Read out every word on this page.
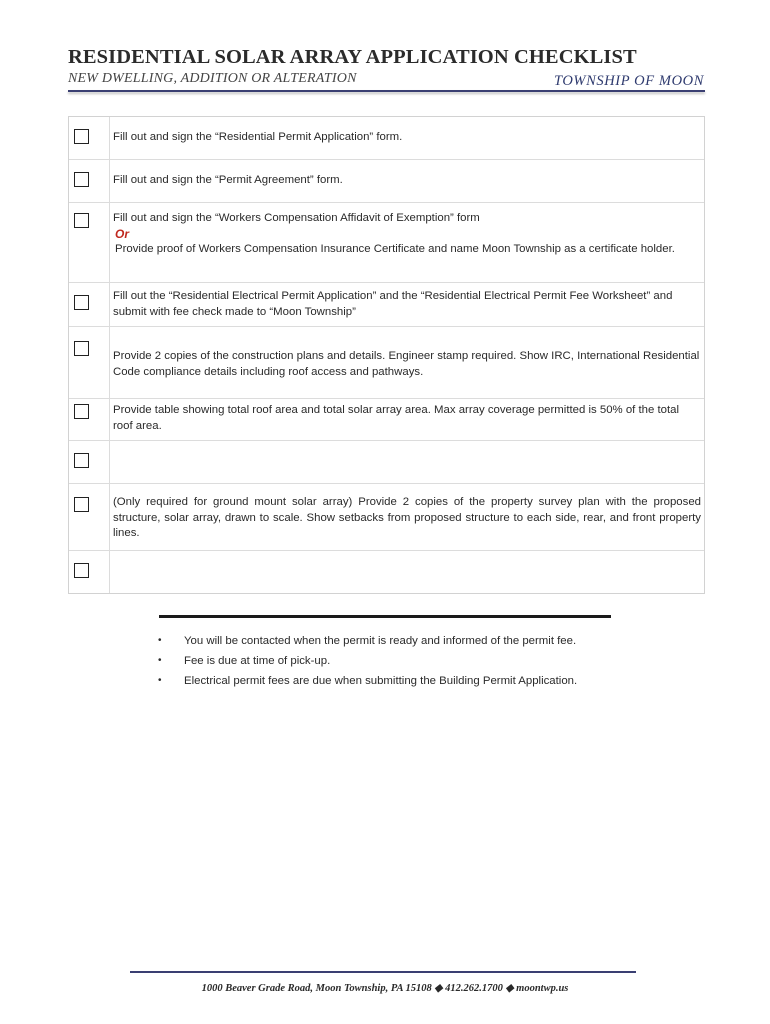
RESIDENTIAL SOLAR ARRAY APPLICATION CHECKLIST
NEW DWELLING, ADDITION OR ALTERATION	TOWNSHIP OF MOON
Fill out and sign the “Residential Permit Application” form.
Fill out and sign the “Permit Agreement” form.
Fill out and sign the “Workers Compensation Affidavit of Exemption” form
Or
Provide proof of Workers Compensation Insurance Certificate and name Moon Township as a certificate holder.
Fill out the “Residential Electrical Permit Application” and the “Residential Electrical Permit Fee Worksheet” and submit with fee check made to “Moon Township”
Provide 2 copies of the construction plans and details. Engineer stamp required. Show IRC, International Residential Code compliance details including roof access and pathways.
Provide table showing total roof area and total solar array area. Max array coverage permitted is 50% of the total roof area.
(Only required for ground mount solar array) Provide 2 copies of the property survey plan with the proposed structure, solar array, drawn to scale. Show setbacks from proposed structure to each side, rear, and front property lines.
•	You will be contacted when the permit is ready and informed of the permit fee.
•	Fee is due at time of pick-up.
•	Electrical permit fees are due when submitting the Building Permit Application.
1000 Beaver Grade Road, Moon Township, PA 15108 ◆ 412.262.1700 ◆ moontwp.us
